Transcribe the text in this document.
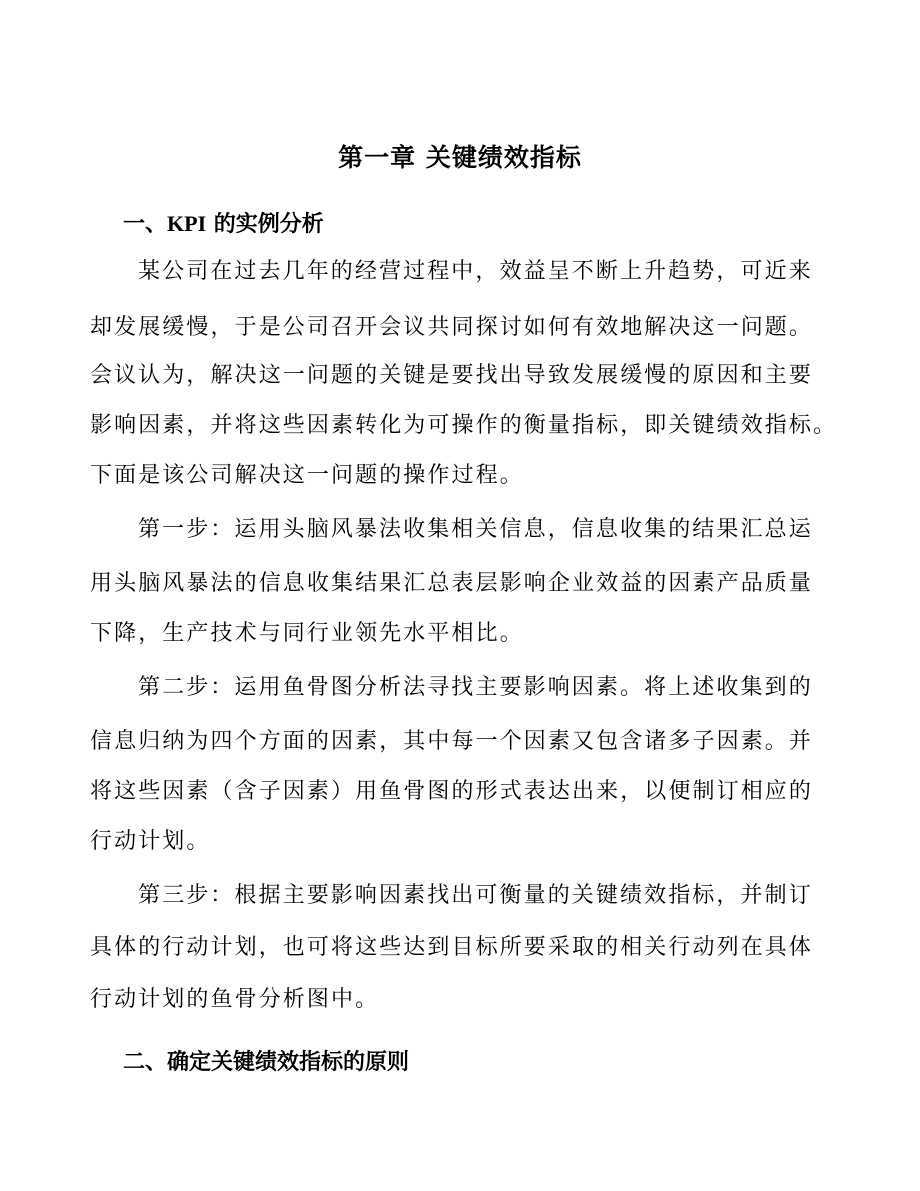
第一章 关键绩效指标
一、KPI 的实例分析
某公司在过去几年的经营过程中，效益呈不断上升趋势，可近来
却发展缓慢，于是公司召开会议共同探讨如何有效地解决这一问题。
会议认为，解决这一问题的关键是要找出导致发展缓慢的原因和主要
影响因素，并将这些因素转化为可操作的衡量指标，即关键绩效指标。
下面是该公司解决这一问题的操作过程。
第一步：运用头脑风暴法收集相关信息，信息收集的结果汇总运
用头脑风暴法的信息收集结果汇总表层影响企业效益的因素产品质量
下降，生产技术与同行业领先水平相比。
第二步：运用鱼骨图分析法寻找主要影响因素。将上述收集到的
信息归纳为四个方面的因素，其中每一个因素又包含诸多子因素。并
将这些因素（含子因素）用鱼骨图的形式表达出来，以便制订相应的
行动计划。
第三步：根据主要影响因素找出可衡量的关键绩效指标，并制订
具体的行动计划，也可将这些达到目标所要采取的相关行动列在具体
行动计划的鱼骨分析图中。
二、确定关键绩效指标的原则
